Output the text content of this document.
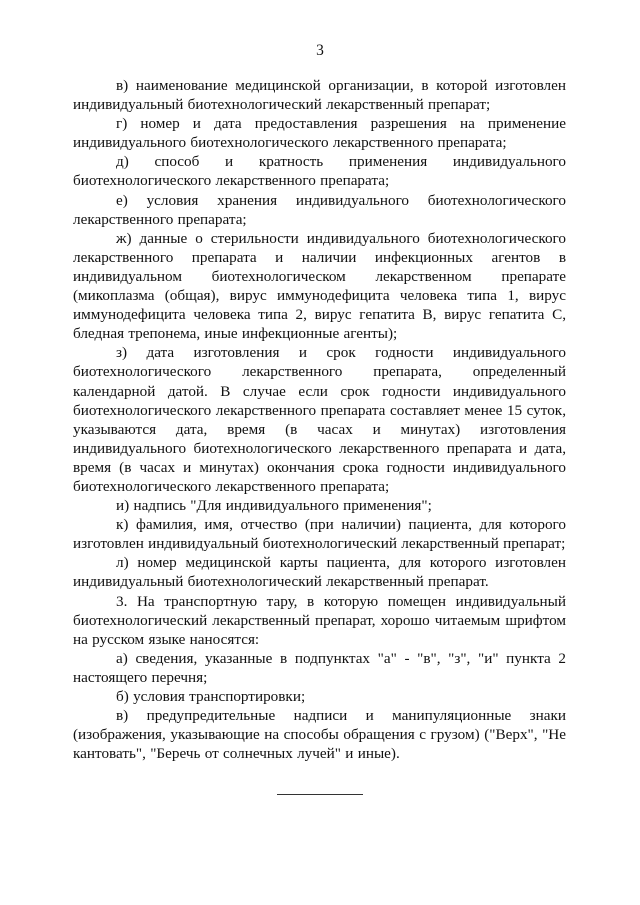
3

в) наименование медицинской организации, в которой изготовлен индивидуальный биотехнологический лекарственный препарат;

г) номер и дата предоставления разрешения на применение индивидуального биотехнологического лекарственного препарата;

д) способ и кратность применения индивидуального биотехнологического лекарственного препарата;

е) условия хранения индивидуального биотехнологического лекарственного препарата;

ж) данные о стерильности индивидуального биотехнологического лекарственного препарата и наличии инфекционных агентов в индивидуальном биотехнологическом лекарственном препарате (микоплазма (общая), вирус иммунодефицита человека типа 1, вирус иммунодефицита человека типа 2, вирус гепатита В, вирус гепатита С, бледная трепонема, иные инфекционные агенты);

з) дата изготовления и срок годности индивидуального биотехнологического лекарственного препарата, определенный календарной датой. В случае если срок годности индивидуального биотехнологического лекарственного препарата составляет менее 15 суток, указываются дата, время (в часах и минутах) изготовления индивидуального биотехнологического лекарственного препарата и дата, время (в часах и минутах) окончания срока годности индивидуального биотехнологического лекарственного препарата;

и) надпись "Для индивидуального применения";

к) фамилия, имя, отчество (при наличии) пациента, для которого изготовлен индивидуальный биотехнологический лекарственный препарат;

л) номер медицинской карты пациента, для которого изготовлен индивидуальный биотехнологический лекарственный препарат.

3. На транспортную тару, в которую помещен индивидуальный биотехнологический лекарственный препарат, хорошо читаемым шрифтом на русском языке наносятся:

а) сведения, указанные в подпунктах "а" - "в", "з", "и" пункта 2 настоящего перечня;

б) условия транспортировки;

в) предупредительные надписи и манипуляционные знаки (изображения, указывающие на способы обращения с грузом) ("Верх", "Не кантовать", "Беречь от солнечных лучей" и иные).
